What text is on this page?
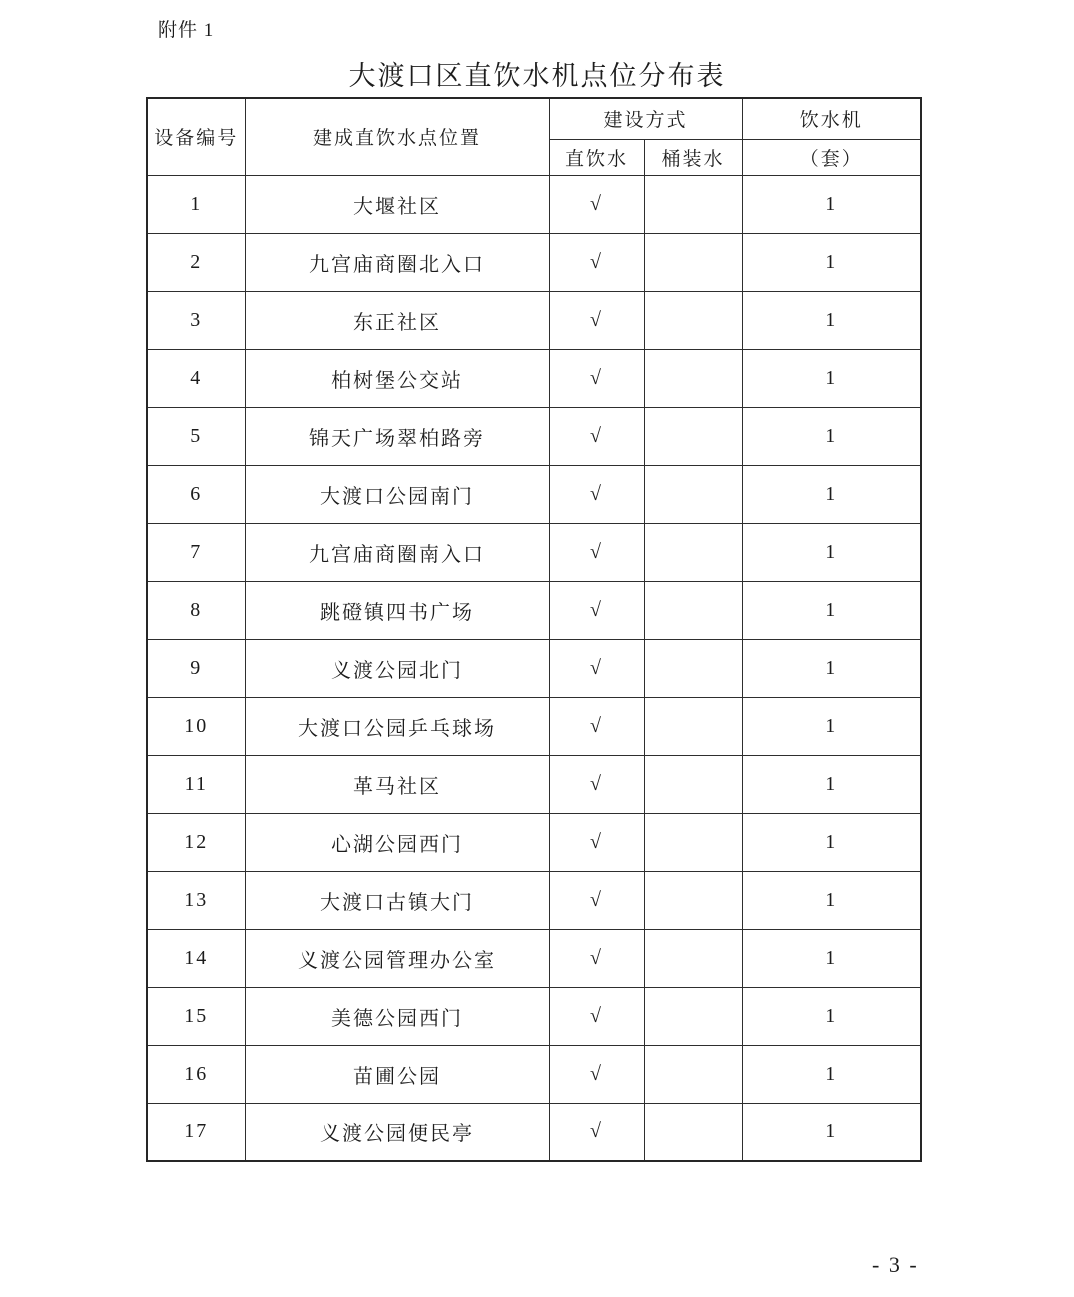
附件 1
大渡口区直饮水机点位分布表
设备编号	建成直饮水点位置	建设方式		饮水机
		直饮水	桶装水	（套）
1	大堰社区	√		1
2	九宫庙商圈北入口	√		1
3	东正社区	√		1
4	柏树堡公交站	√		1
5	锦天广场翠柏路旁	√		1
6	大渡口公园南门	√		1
7	九宫庙商圈南入口	√		1
8	跳磴镇四书广场	√		1
9	义渡公园北门	√		1
10	大渡口公园乒乓球场	√		1
11	革马社区	√		1
12	心湖公园西门	√		1
13	大渡口古镇大门	√		1
14	义渡公园管理办公室	√		1
15	美德公园西门	√		1
16	苗圃公园	√		1
17	义渡公园便民亭	√		1
- 3 -
